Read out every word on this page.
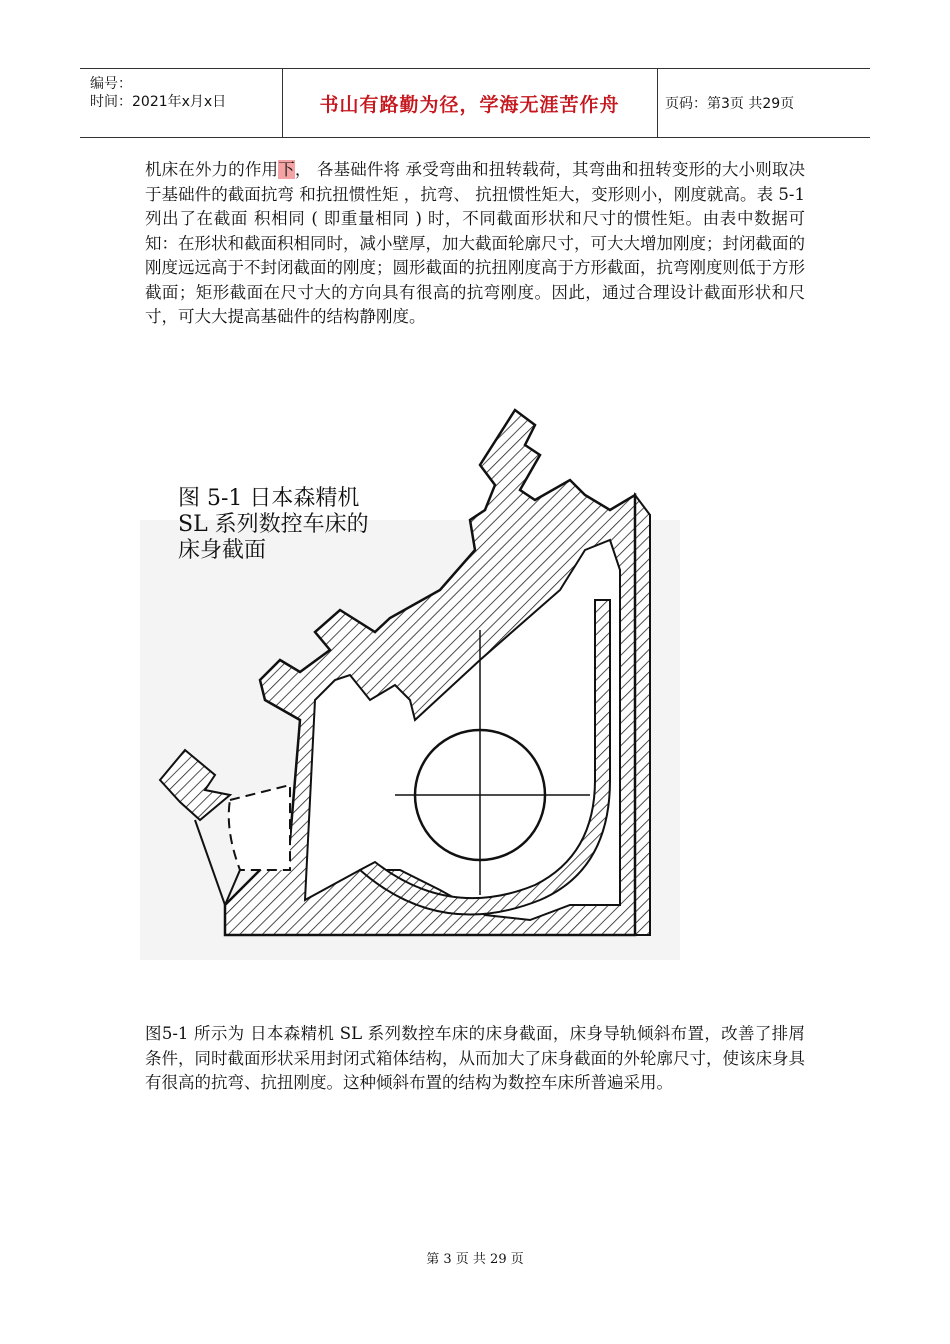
编号：
时间：2021年x月x日	书山有路勤为径，学海无涯苦作舟	页码：第3页 共29页
机床在外力的作用下， 各基础件将 承受弯曲和扭转载荷，其弯曲和扭转变形的大小则取决于基础件的截面抗弯 和抗扭惯性矩 ，抗弯、 抗扭惯性矩大，变形则小，刚度就高。表 5-1 列出了在截面 积相同 ( 即重量相同 ) 时，不同截面形状和尺寸的惯性矩。由表中数据可知：在形状和截面积相同时，减小壁厚，加大截面轮廓尺寸，可大大增加刚度；封闭截面的刚度远远高于不封闭截面的刚度；圆形截面的抗扭刚度高于方形截面，抗弯刚度则低于方形截面；矩形截面在尺寸大的方向具有很高的抗弯刚度。因此，通过合理设计截面形状和尺寸，可大大提高基础件的结构静刚度。
图 5-1 日本森精机
SL 系列数控车床的
床身截面
图5-1 所示为 日本森精机 SL 系列数控车床的床身截面，床身导轨倾斜布置，改善了排屑条件，同时截面形状采用封闭式箱体结构，从而加大了床身截面的外轮廓尺寸，使该床身具有很高的抗弯、抗扭刚度。这种倾斜布置的结构为数控车床所普遍采用。
第 3 页 共 29 页
